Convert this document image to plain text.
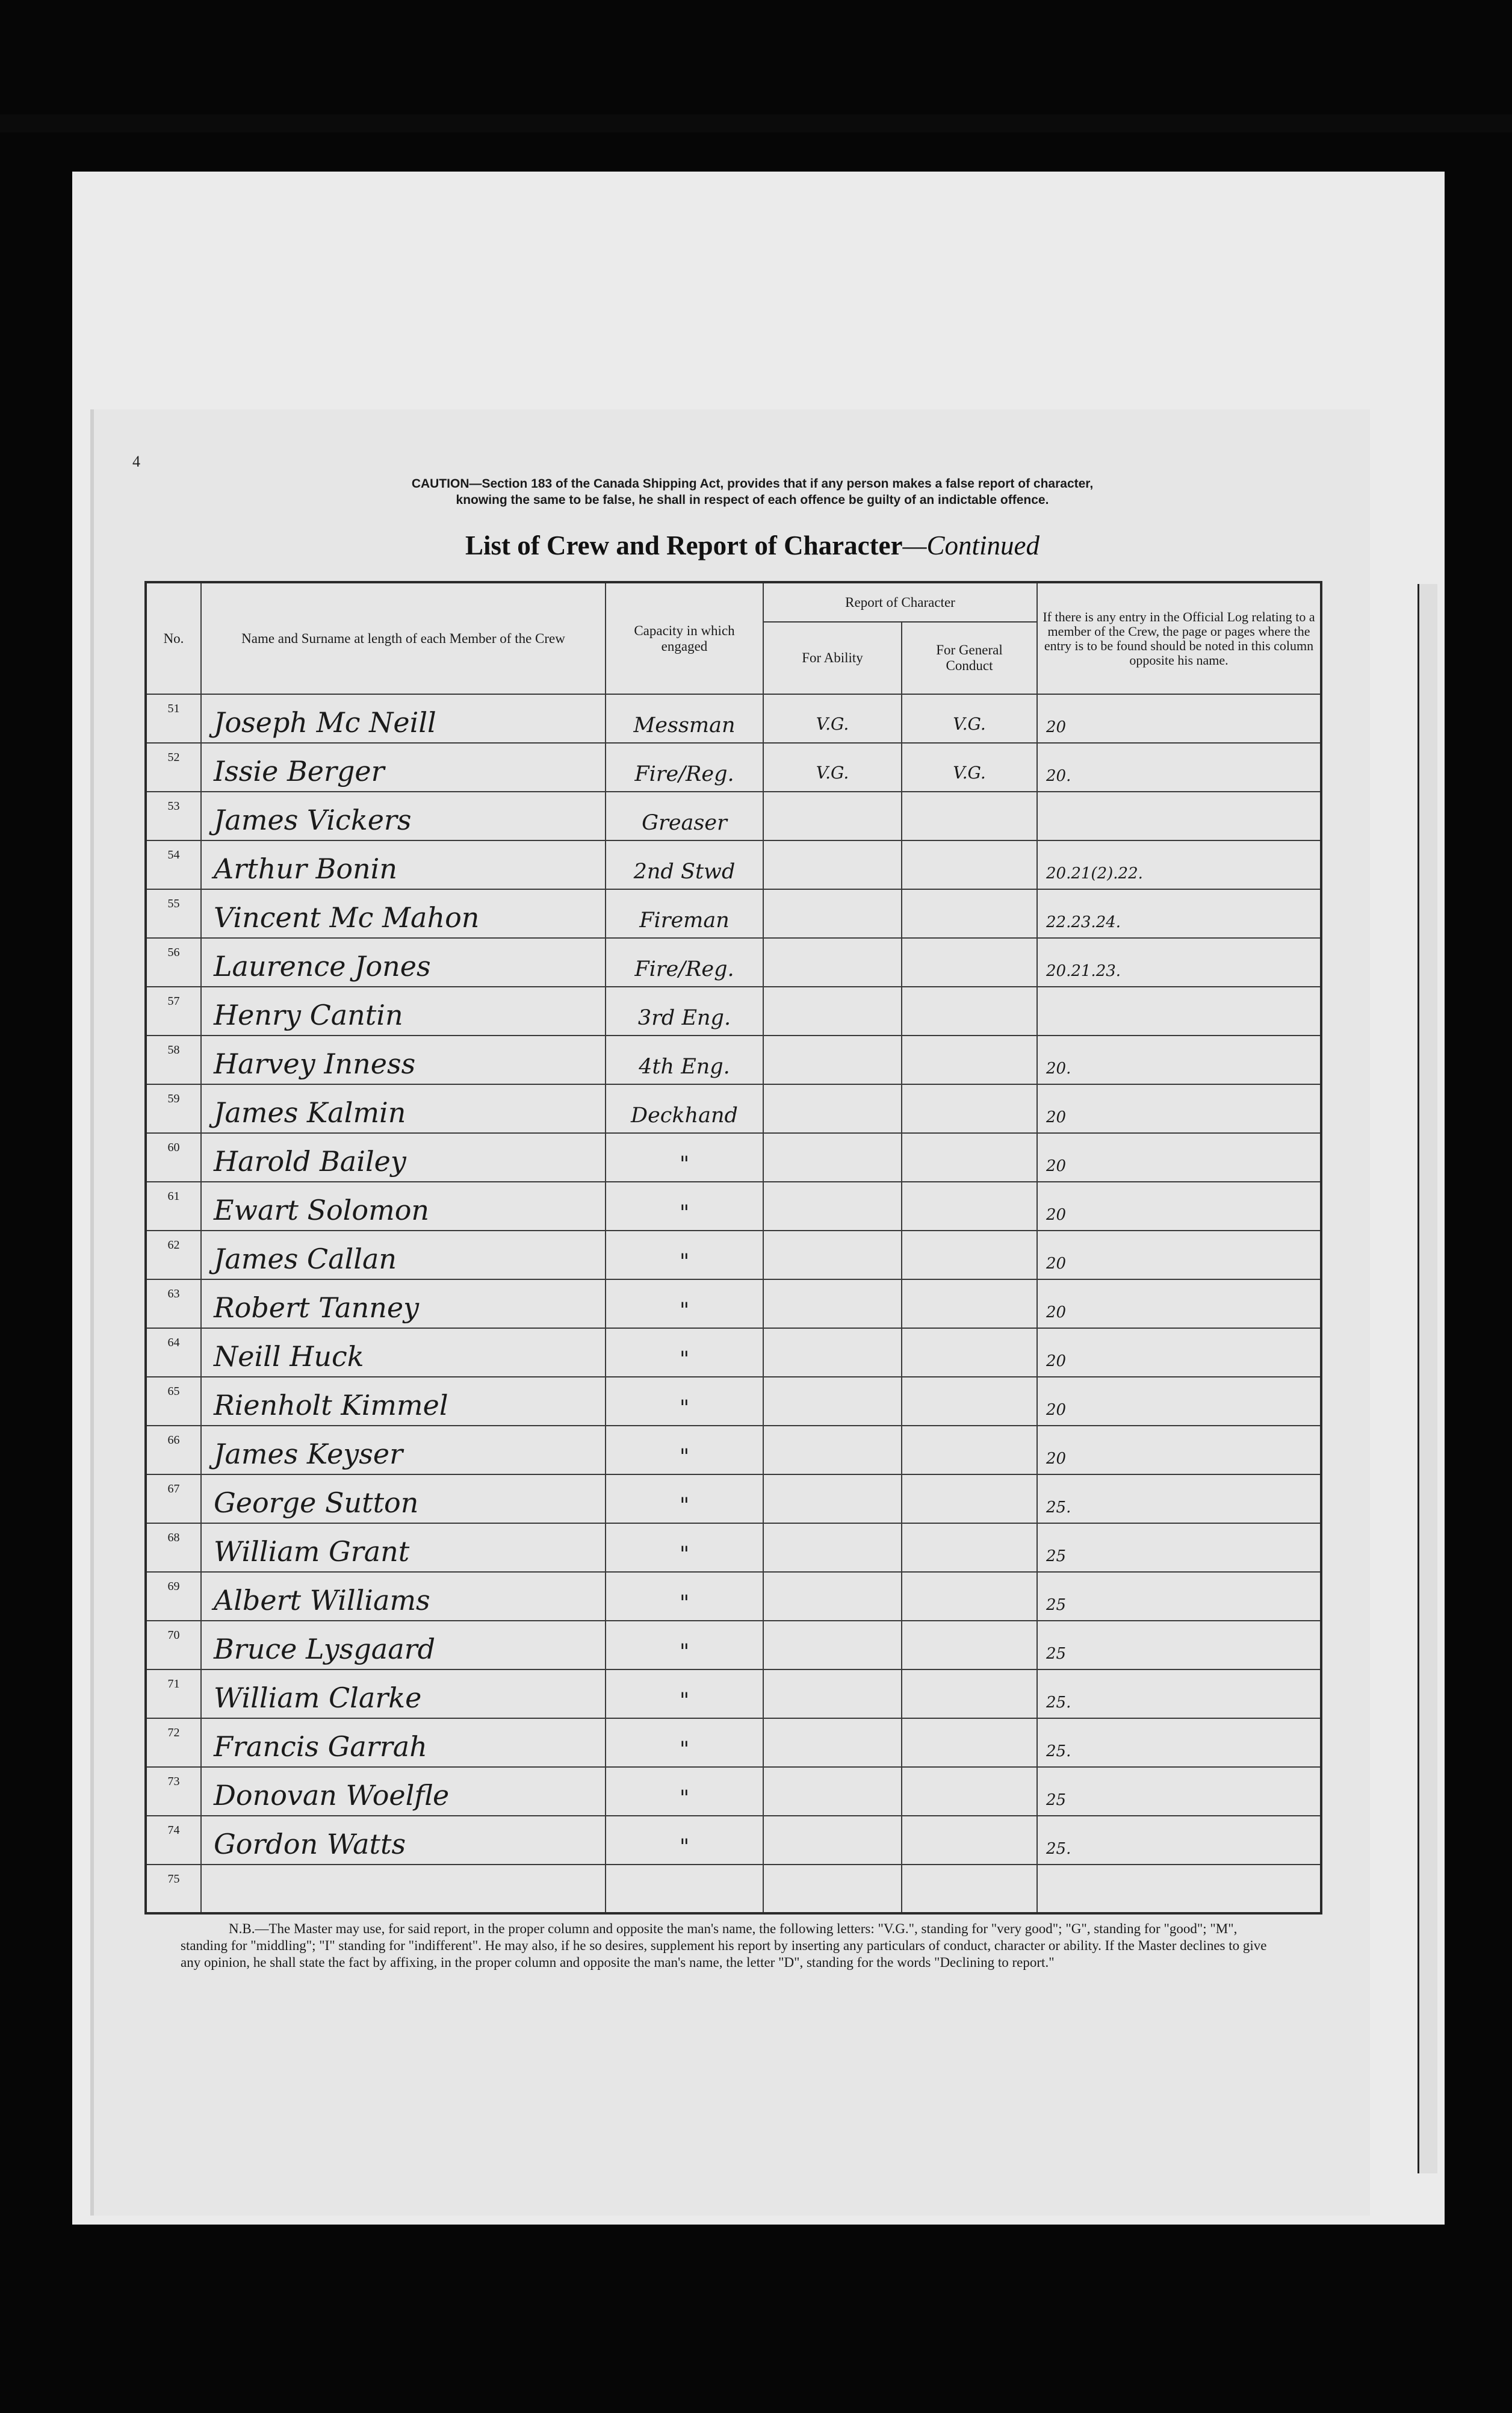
4
CAUTION—Section 183 of the Canada Shipping Act, provides that if any person makes a false report of character,
knowing the same to be false, he shall in respect of each offence be guilty of an indictable offence.
List of Crew and Report of Character—Continued
No.	Name and Surname at length of each Member of the Crew	Capacity in which engaged	Report of Character		If there is any entry in the Official Log relating to a member of the Crew, the page or pages where the entry is to be found should be noted in this column opposite his name.
			For Ability	For General Conduct	
51	Joseph Mc Neill	Messman	V.G.	V.G.	20
52	Issie Berger	Fire/Reg.	V.G.	V.G.	20.
53	James Vickers	Greaser			
54	Arthur Bonin	2nd Stwd			20.21(2).22.
55	Vincent Mc Mahon	Fireman			22.23.24.
56	Laurence Jones	Fire/Reg.			20.21.23.
57	Henry Cantin	3rd Eng.			
58	Harvey Inness	4th Eng.			20.
59	James Kalmin	Deckhand			20
60	Harold Bailey	"			20
61	Ewart Solomon	"			20
62	James Callan	"			20
63	Robert Tanney	"			20
64	Neill Huck	"			20
65	Rienholt Kimmel	"			20
66	James Keyser	"			20
67	George Sutton	"			25.
68	William Grant	"			25
69	Albert Williams	"			25
70	Bruce Lysgaard	"			25
71	William Clarke	"			25.
72	Francis Garrah	"			25.
73	Donovan Woelfle	"			25
74	Gordon Watts	"			25.
75					
N.B.—The Master may use, for said report, in the proper column and opposite the man's name, the following letters: "V.G.", standing for "very good"; "G", standing for "good"; "M", standing for "middling"; "I" standing for "indifferent". He may also, if he so desires, supplement his report by inserting any particulars of conduct, character or ability. If the Master declines to give any opinion, he shall state the fact by affixing, in the proper column and opposite the man's name, the letter "D", standing for the words "Declining to report."
